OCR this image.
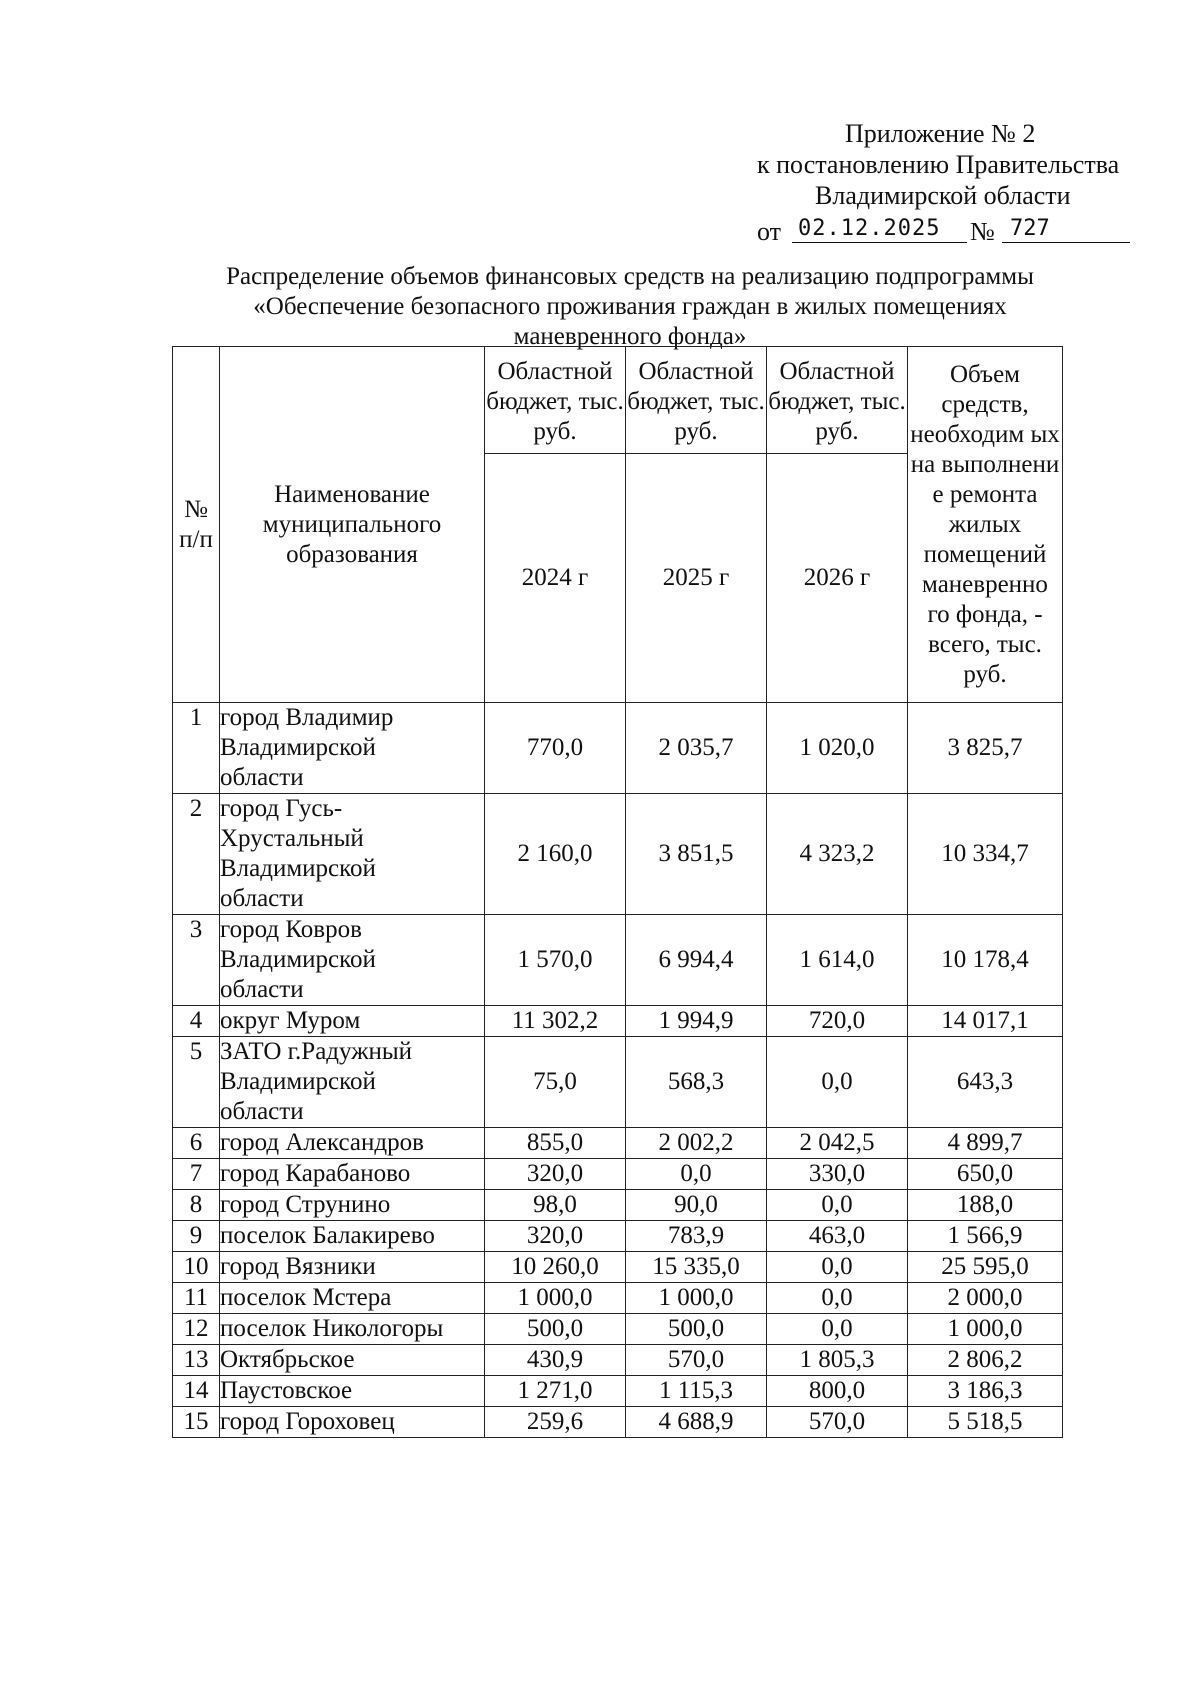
Приложение № 2
к постановлению Правительства
Владимирской области
от 02.12.2025	№ 727
Распределение объемов финансовых средств на реализацию подпрограммы
«Обеспечение безопасного проживания граждан в жилых помещениях
маневренного фонда»
№ п/п	Наименование муниципального образования	Областной бюджет, тыс. руб.	Областной бюджет, тыс. руб.	Областной бюджет, тыс. руб.	Объем средств, необходим ых на выполнени е ремонта жилых помещений маневренно го фонда, - всего, тыс. руб.
		2024 г	2025 г	2026 г	
1	город Владимир
Владимирской
области	770,0	2 035,7	1 020,0	3 825,7
2	город Гусь-
Хрустальный
Владимирской
области	2 160,0	3 851,5	4 323,2	10 334,7
3	город Ковров
Владимирской
области	1 570,0	6 994,4	1 614,0	10 178,4
4	округ Муром	11 302,2	1 994,9	720,0	14 017,1
5	ЗАТО г.Радужный
Владимирской
области	75,0	568,3	0,0	643,3
6	город Александров	855,0	2 002,2	2 042,5	4 899,7
7	город Карабаново	320,0	0,0	330,0	650,0
8	город Струнино	98,0	90,0	0,0	188,0
9	поселок Балакирево	320,0	783,9	463,0	1 566,9
10	город Вязники	10 260,0	15 335,0	0,0	25 595,0
11	поселок Мстера	1 000,0	1 000,0	0,0	2 000,0
12	поселок Никологоры	500,0	500,0	0,0	1 000,0
13	Октябрьское	430,9	570,0	1 805,3	2 806,2
14	Паустовское	1 271,0	1 115,3	800,0	3 186,3
15	город Гороховец	259,6	4 688,9	570,0	5 518,5
